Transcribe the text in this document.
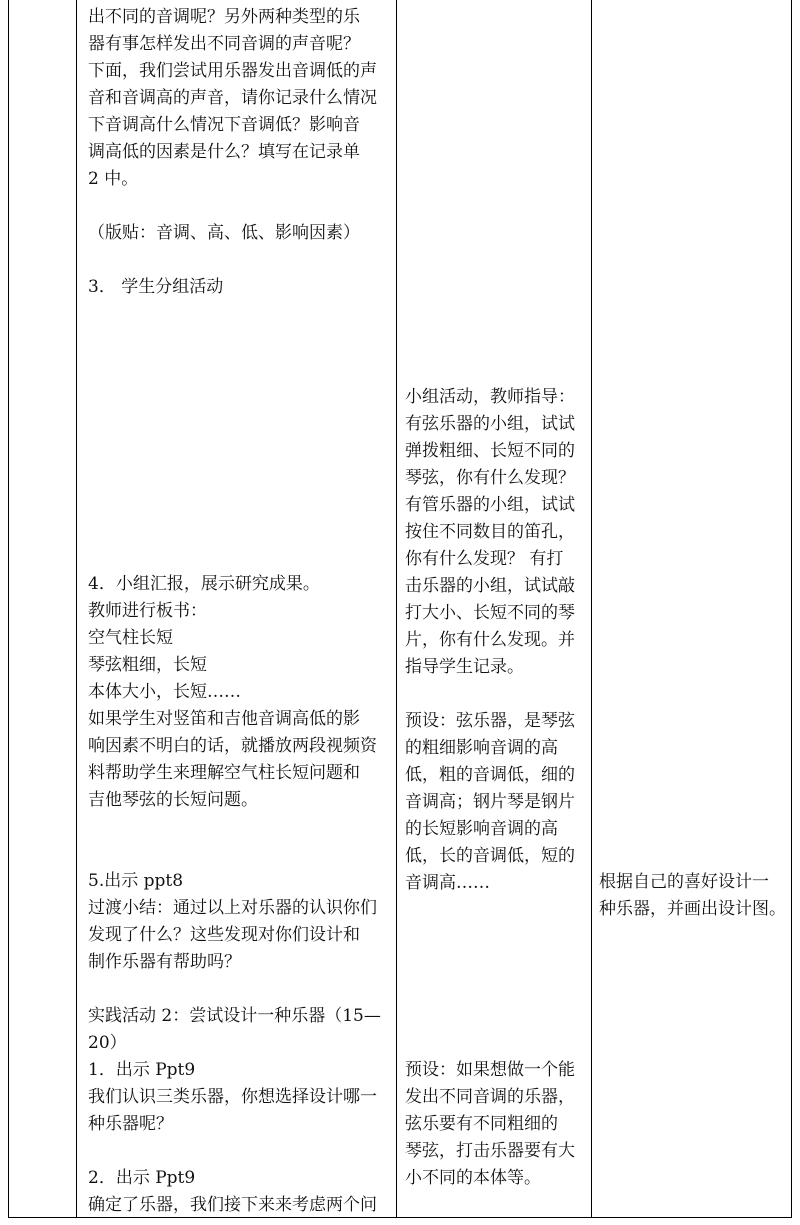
出不同的音调呢？另外两种类型的乐

器有事怎样发出不同音调的声音呢？

下面，我们尝试用乐器发出音调低的声

音和音调高的声音，请你记录什么情况

下音调高什么情况下音调低？影响音

调高低的因素是什么？填写在记录单

2 中。

（版贴：音调、高、低、影响因素）

3． 学生分组活动

4．小组汇报，展示研究成果。

教师进行板书：

空气柱长短

琴弦粗细，长短

本体大小，长短……

如果学生对竖笛和吉他音调高低的影

响因素不明白的话，就播放两段视频资

料帮助学生来理解空气柱长短问题和

吉他琴弦的长短问题。

5.出示 ppt8

过渡小结：通过以上对乐器的认识你们

发现了什么？这些发现对你们设计和

制作乐器有帮助吗？

实践活动 2：尝试设计一种乐器（15—

20）

1．出示 Ppt9

我们认识三类乐器，你想选择设计哪一

种乐器呢？

2．出示 Ppt9

确定了乐器，我们接下来来考虑两个问

小组活动，教师指导：

有弦乐器的小组，试试

弹拨粗细、长短不同的

琴弦，你有什么发现？

有管乐器的小组，试试

按住不同数目的笛孔，

你有什么发现？ 有打

击乐器的小组，试试敲

打大小、长短不同的琴

片，你有什么发现。并

指导学生记录。

预设：弦乐器，是琴弦

的粗细影响音调的高

低，粗的音调低，细的

音调高；钢片琴是钢片

的长短影响音调的高

低，长的音调低，短的

音调高……

预设：如果想做一个能

发出不同音调的乐器，

弦乐要有不同粗细的

琴弦，打击乐器要有大

小不同的本体等。

根据自己的喜好设计一

种乐器，并画出设计图。
